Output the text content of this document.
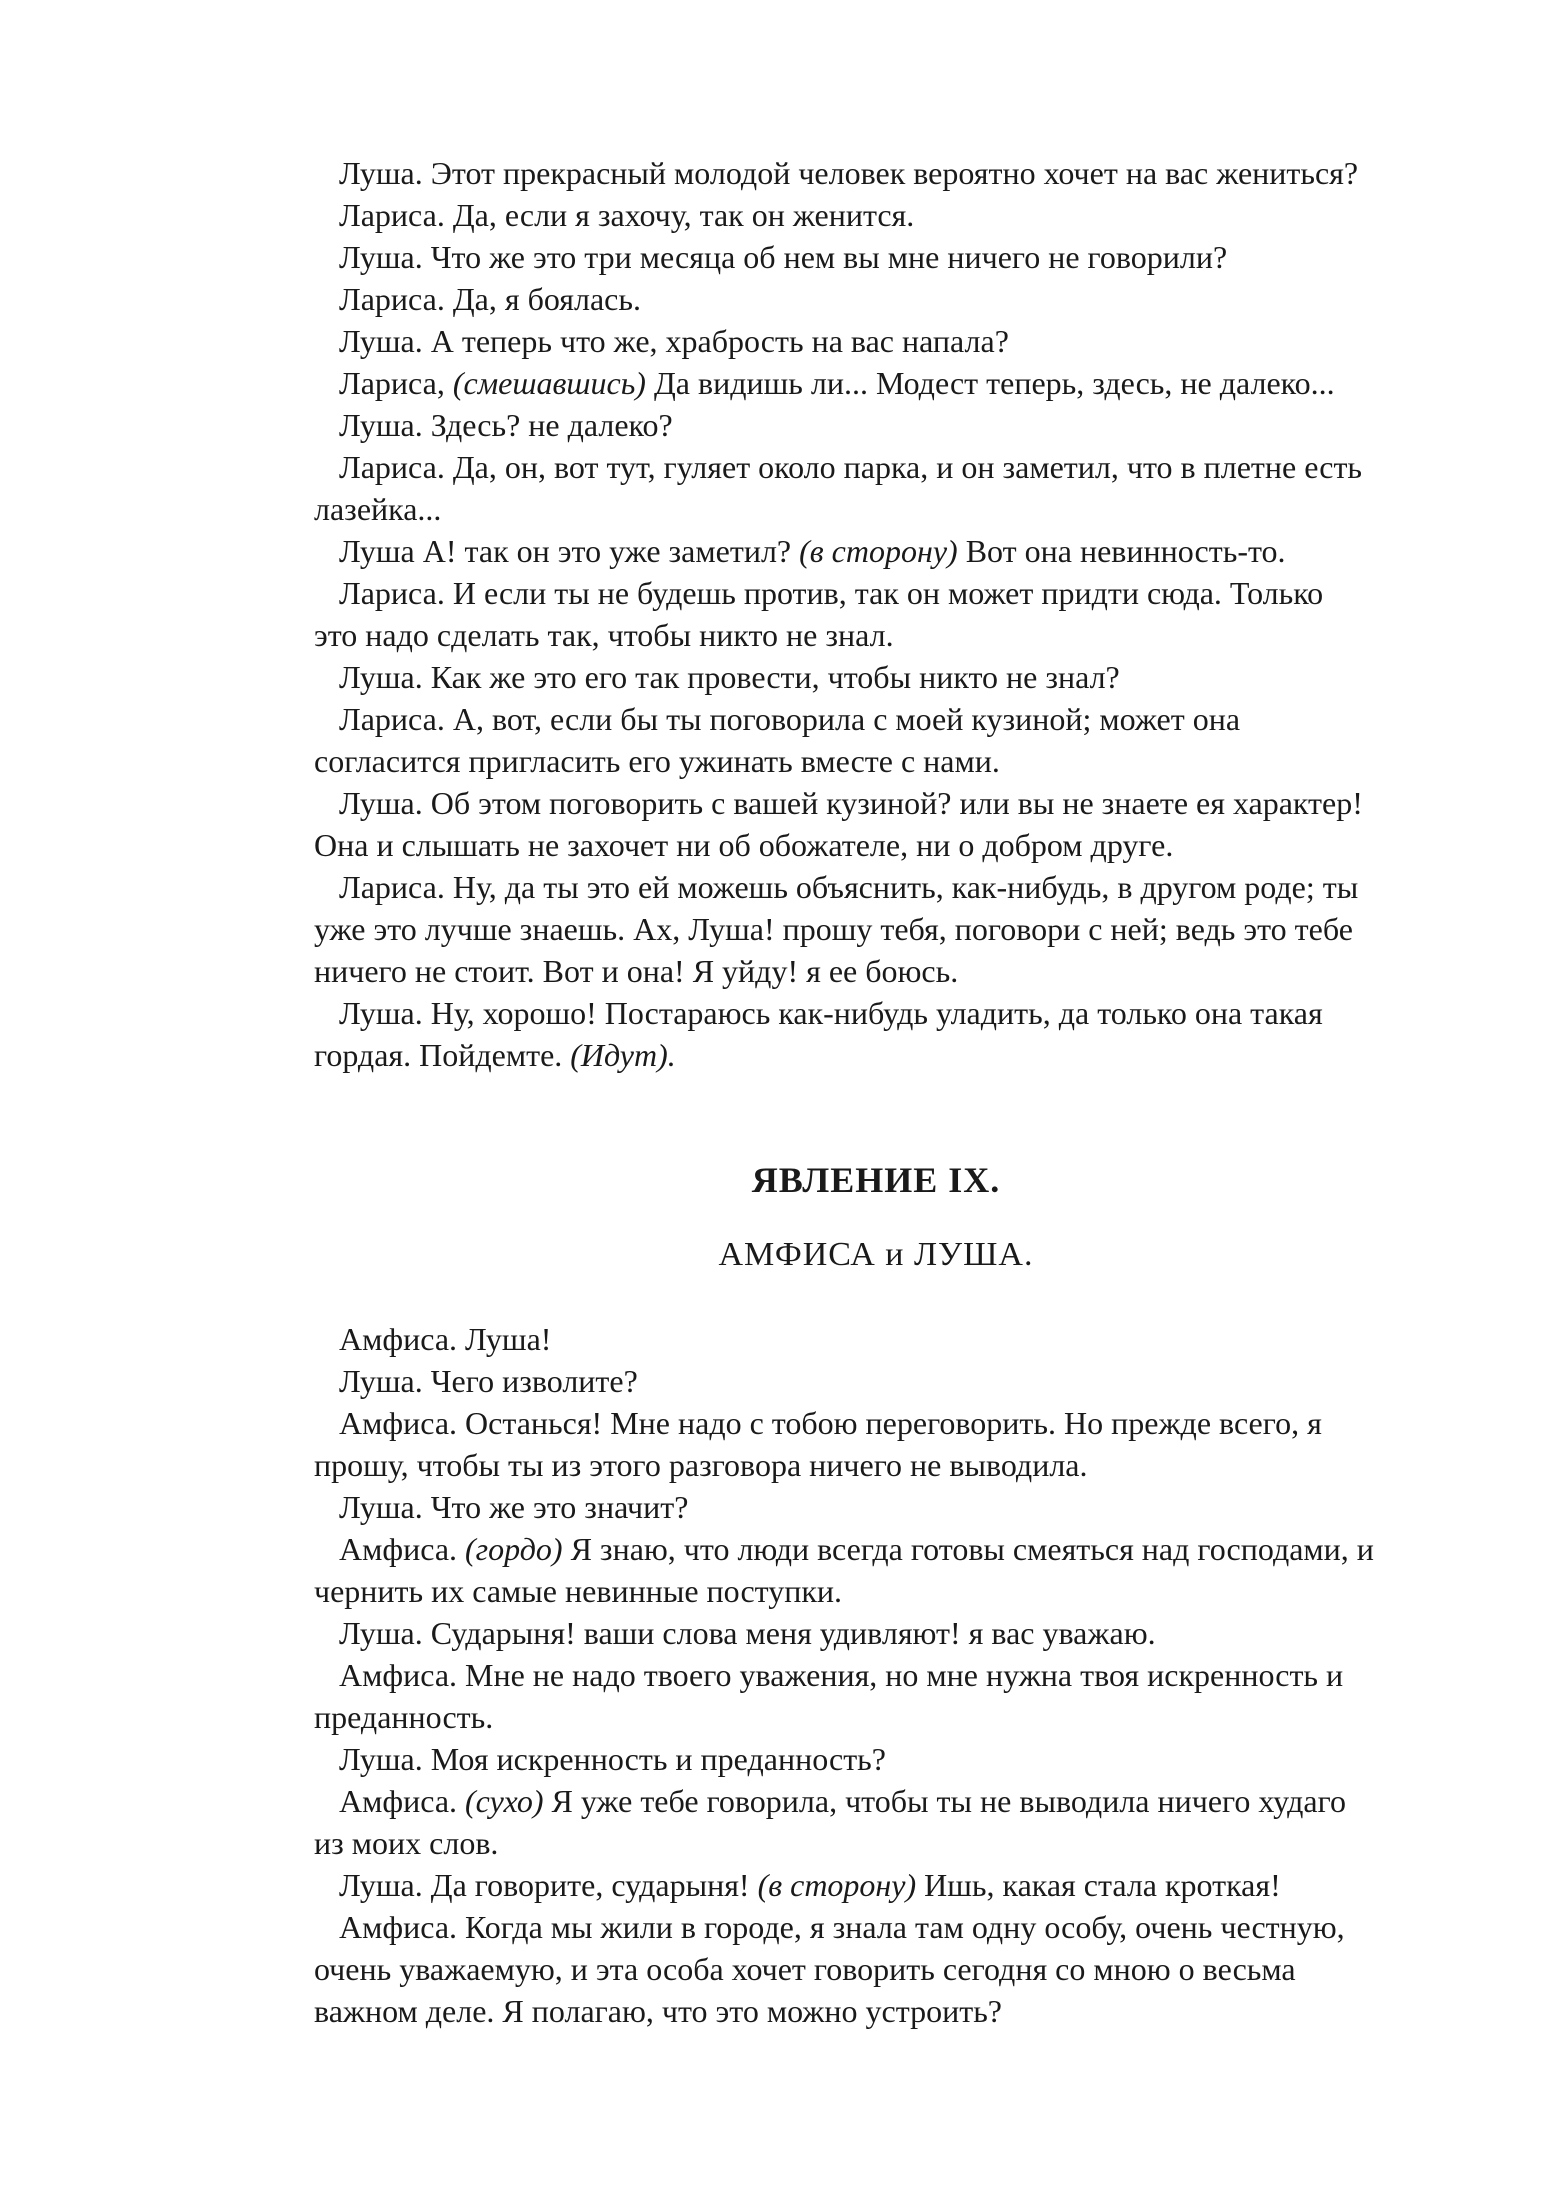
Луша. Этот прекрасный молодой человек вероятно хочет на вас жениться?
Лариса. Да, если я захочу, так он женится.
Луша. Что же это три месяца об нем вы мне ничего не говорили?
Лариса. Да, я боялась.
Луша. А теперь что же, храбрость на вас напала?
Лариса, (смешавшись) Да видишь ли... Модест теперь, здесь, не далеко...
Луша. Здесь? не далеко?
Лариса. Да, он, вот тут, гуляет около парка, и он заметил, что в плетне есть
лазейка...
Луша А! так он это уже заметил? (в сторону) Вот она невинность-то.
Лариса. И если ты не будешь против, так он может придти сюда. Только
это надо сделать так, чтобы никто не знал.
Луша. Как же это его так провести, чтобы никто не знал?
Лариса. А, вот, если бы ты поговорила с моей кузиной; может она
согласится пригласить его ужинать вместе с нами.
Луша. Об этом поговорить с вашей кузиной? или вы не знаете ея характер!
Она и слышать не захочет ни об обожателе, ни о добром друге.
Лариса. Ну, да ты это ей можешь объяснить, как-нибудь, в другом роде; ты
уже это лучше знаешь. Ах, Луша! прошу тебя, поговори с ней; ведь это тебе
ничего не стоит. Вот и она! Я уйду! я ее боюсь.
Луша. Ну, хорошо! Постараюсь как-нибудь уладить, да только она такая
гордая. Пойдемте. (Идут).
ЯВЛЕНИЕ IX.
АМФИСА и ЛУША.
Амфиса. Луша!
Луша. Чего изволите?
Амфиса. Останься! Мне надо с тобою переговорить. Но прежде всего, я
прошу, чтобы ты из этого разговора ничего не выводила.
Луша. Что же это значит?
Амфиса. (гордо) Я знаю, что люди всегда готовы смеяться над господами, и
чернить их самые невинные поступки.
Луша. Сударыня! ваши слова меня удивляют! я вас уважаю.
Амфиса. Мне не надо твоего уважения, но мне нужна твоя искренность и
преданность.
Луша. Моя искренность и преданность?
Амфиса. (сухо) Я уже тебе говорила, чтобы ты не выводила ничего худаго
из моих слов.
Луша. Да говорите, сударыня! (в сторону) Ишь, какая стала кроткая!
Амфиса. Когда мы жили в городе, я знала там одну особу, очень честную,
очень уважаемую, и эта особа хочет говорить сегодня со мною о весьма
важном деле. Я полагаю, что это можно устроить?
